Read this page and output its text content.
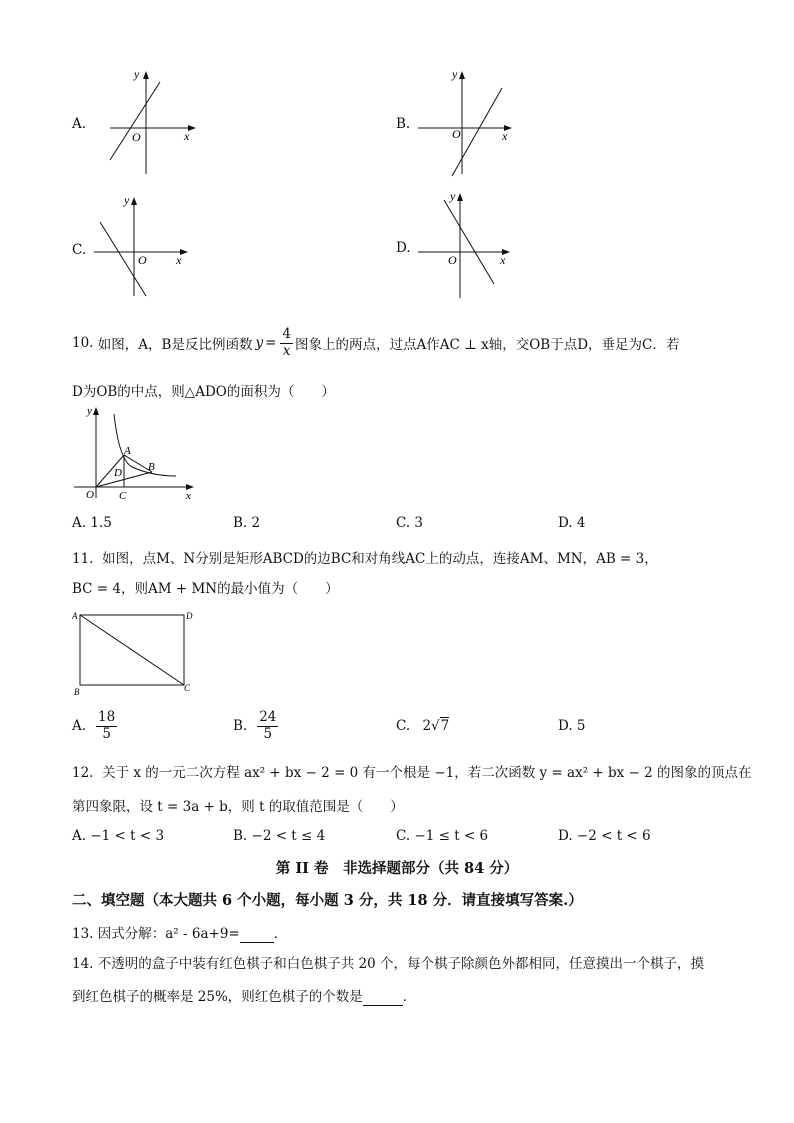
A.
y
x
O
B.
y
x
O
C.
y
x
O
D.
y
x
O
10.
如图，A，B是反比例函数 $y = \frac{4}{x}$ 图象上的两点，过点A作AC ⊥ x轴，交OB于点D，垂足为C．若
D为OB的中点，则△ADO的面积为（　　）
y
x
O
A
D B
C
A. 1.5	B. 2	C. 3	D. 4
11. 如图，点M、N分别是矩形ABCD的边BC和对角线AC上的动点，连接AM、MN，AB = 3，
BC = 4，则AM + MN的最小值为（　　）
A	D
B	C
A. $\frac{18}{5}$	B. $\frac{24}{5}$	C. 2√7	D. 5
12. 关于 x 的一元二次方程 ax² + bx − 2 = 0 有一个根是 −1，若二次函数 y = ax² + bx − 2 的图象的顶点在
第四象限，设 t = 3a + b，则 t 的取值范围是（　　）
A. −1 < t < 3	B. −2 < t ≤ 4	C. −1 ≤ t < 6	D. −2 < t < 6
第 II 卷　非选择题部分（共 84 分）
二、填空题（本大题共 6 个小题，每小题 3 分，共 18 分．请直接填写答案.）
13. 因式分解：a² - 6a+9=	．
14. 不透明的盒子中装有红色棋子和白色棋子共 20 个，每个棋子除颜色外都相同，任意摸出一个棋子，摸
到红色棋子的概率是 25%，则红色棋子的个数是	．
